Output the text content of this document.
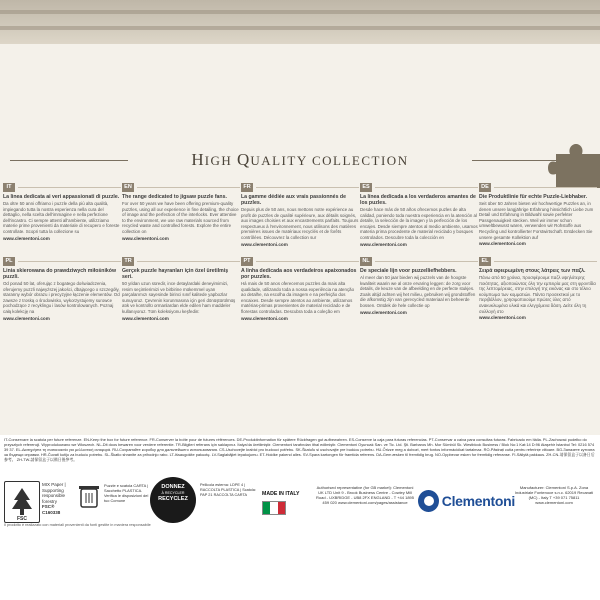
HIGH QUALITY COLLECTION
IT
La linea dedicata ai veri appassionati di puzzle.
Da oltre 50 anni offriamo i puzzle della più alta qualità, impiegando tutta la nostra esperienza nella cura del dettaglio, nella scelta dell'immagine e nella perfezione dell'incastro. Ci sempre attenti all'ambiente, utilizziamo materie prime provenienti da materiale di recupero e foreste controllate. Scopri tutta la collezione su
www.clementoni.com
EN
The range dedicated to jigsaw puzzle fans.
For over 50 years we have been offering premium-quality puzzles, using all our experience in fine detailing, the choice of image and the perfection of the interlocks. Ever attentive to the environment, we use raw materials sourced from recycled waste and controlled forests. Explore the entire collection on
www.clementoni.com
FR
La gamme dédiée aux vrais passionnés de puzzles.
Depuis plus de 50 ans, nous mettons notre expérience au profit de puzzles de qualité supérieure, aux détails soignés, aux images choisies et aux encastrements parfaits. Toujours respectueux à l'environnement, nous utilisons des matières premières issues de matériaux recyclés et de forêts contrôlées. Découvrez la collection sur
www.clementoni.com
ES
La línea dedicada a los verdaderos amantes de los puzles.
Desde hace más de 50 años ofrecemos puzles de alta calidad, poniendo toda nuestra experiencia en la atención al detalle, la selección de la imagen y la perfección de los encajes. Desde siempre atentos al medio ambiente, usamos materia prima procedente de material reciclado y bosques controlados. Descubre toda la colección en
www.clementoni.com
DE
Die Produktlinie für echte Puzzle-Liebhaber.
Seit über 50 Jahren bieten wir hochwertige Puzzles an, in denen unsere langjährige Erfahrung hinsichtlich Liebe zum Detail und Erfahrung in Bildwahl sowie perfekter Passgenauigkeit stecken. Weil wir immer schon umweltbewusst waren, verwenden wir Rohstoffe aus Recycling und kontrollierter Forstwirtschaft. Entdecken Sie unsere gesamte Kollektion auf
www.clementoni.com
PL
Linia skierowana do prawdziwych miłośników puzzli.
Od ponad 50 lat, oferując z bogatego doświadczenia, oferujemy puzzli najwyższej jakości, dbającego o szczegóły, staranny wybór obrazu i precyzyjne łączenie elementów. Od zawsze z troską o środowisko, wykorzystujemy surowce pochodzące z recyklingu i lasów kontrolowanych. Poznaj całą kolekcję na
www.clementoni.com
TR
Gerçek puzzle hayranları için özel üretilmiş seri.
50 yıldan uzun süredir, ince detaylardaki deneyimimizi, resim seçimlerimizi ve birbirine mükemmel uyan parçalarımızı sayesinde birinci sınıf kalitede yapbozlar sunuyoruz. Çevrenin korunmasına için geri dönüştürülmüş atık ve kontrollü ormanlardan elde edilen ham maddeler kullanıyoruz. Tüm koleksiyonu keşfedin:
www.clementoni.com
PT
A linha dedicada aos verdadeiros apaixonados por puzzles.
Há mais de 50 anos oferecemos puzzles da mais alta qualidade, utilizando toda a nossa experiência na atenção ao detalhe, na escolha da imagem e na perfeição dos encaixes. Desde sempre atentos ao ambiente, utilizamos matérias-primas provenientes de material reciclado e de florestas controladas. Descubra toda a coleção em
www.clementoni.com
NL
De speciale lijn voor puzzelliefhebbers.
Al meer dan 50 jaar bieden wij puzzels van de hoogste kwaliteit waarin we al onze ervaring leggen: de zorg voor details, de keuze van de afbeelding en de perfecte stukjes. Zoals altijd achten wij het milieu, gebruiken wij grondstoffen die afkomstig zijn van gerecycled materiaal en beheerde bossen. Ontdek de hele collectie op
www.clementoni.com
EL
Σειρά αφιερωμένη στους λάτρεις των παζλ.
Πάνω από 50 χρόνια, προσφέρουμε παζλ υψηλότερης ποιότητας, αξιοποιώντας όλη την εμπειρία μας στη φροντίδα της λεπτομέρειας, στην επιλογή της εικόνας και στο τέλειο κούμπωμα των κομματιών. Πάντα προσεκτικοί με το περιβάλλον, χρησιμοποιούμε πρώτες ύλες από ανακυκλωμένα υλικά και ελεγχόμενα δάση. Δείτε όλη τη συλλογή στο
www.clementoni.com
IT-Conservare la scatola per future referenze. EN-Keep the box for future reference. FR-Conserver la boîte pour de futures références. DE-Produktinformation für spätere Rückfragen gut aufbewahren. ES-Conserve la caja para futuras referencias. PT-Conservar a caixa para consultas futuras. Fabricado em Itália. PL-Zachować pudełko do przyszłych referencji. Wyprodukowano we Włoszech. NL-Dit doos bewaren voor verdere referentie. TR-Bilgileri referans için saklayınız. İtalya'da üretilmiştir. Clementoni tarafından ithal edilmiştir. Clementoni Oyuncak San. ve Tic. Ltd. Şti. Barbaros Mh. Mor Sümbül Sk. Westblock Business / Blok No:1 Kat:14 D:96 Ataşehir İstanbul Tel: 0216 574 39 37. EL-Διατηρήστε τη συσκευασία για μελλοντική αναφορά. RU-Сохраняйте коробку для дальнейшего использования. CS-Uschovejte krabici pro budoucí potřebu. SK-Škatuľu si uschovajte pre budúcu potrebu. HU-Őrizze meg a dobozt, mert fontos információkat tartalmaz. RO-Păstrați cutia pentru referințe viitoare. BG-Запазете кутията за бъдещи справки. HR-Čuvati kutiju za buduću potrebu. SL-Škatlo shranite za prihodnjo rabo. LT-Išsaugokite pakuotę. LV-Saglabājiet iepakojumu. ET-Hoidke pakend alles. SV-Spara kartongen för framtida referens. DA-Gem æsken til fremtidig brug. NO-Oppbevar esken for fremtidig referanse. FI-Säilytä pakkaus. ZH-CN-请保留盒子以备日后参考。 ZH-TW-請保留盒子以備日後參考。
FSC
MIX Paper | Supporting responsible forestry
FSC® C160338
Il prodotto è realizzato con materiali provenienti da fonti gestite in maniera responsabile
Puzzle e scatola CARTA | Sacchetto PLASTICA. Verifica le disposizioni del tuo Comune
DONNEZ
À RECYCLER
RECYCLEZ
Pellicola esterna: LDPE 4 | RACCOLTA PLASTICA | Scatola: PAP 21 RACCOLTA CARTA	MADE IN ITALY
Authorised representative (for GB market): Clementoni UK LTD Unit 9 - Brook Business Centre - Cowley Mill Road - UXBRIDGE - UB8 2FX ENGLAND - T +44 1895 459 020 www.clementoni.com/pages/assistance	Clementoni
Manufacturer: Clementoni S.p.A. Zona Industriale Fontenoce s.n.c. 62019 Recanati (MC) - Italy T +39 071 75811 www.clementoni.com
